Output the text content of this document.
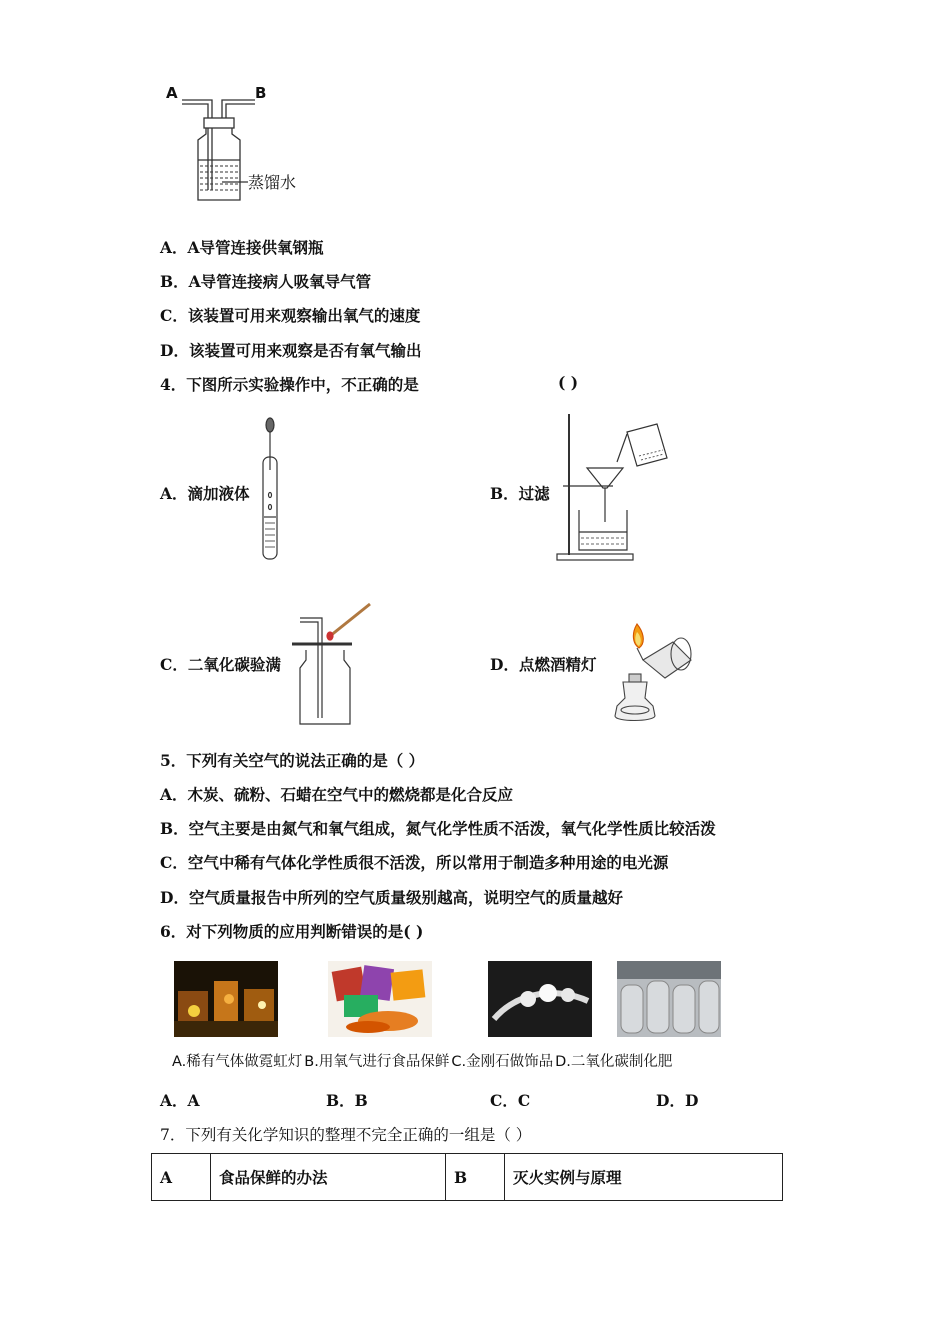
A	B
蒸馏水
A．A导管连接供氧钢瓶
B．A导管连接病人吸氧导气管
C．该装置可用来观察输出氧气的速度
D．该装置可用来观察是否有氧气输出
4．下图所示实验操作中，不正确的是	( )
A．滴加液体	B．过滤
C．二氧化碳验满	D．点燃酒精灯
5．下列有关空气的说法正确的是（ ）
A．木炭、硫粉、石蜡在空气中的燃烧都是化合反应
B．空气主要是由氮气和氧气组成，氮气化学性质不活泼，氧气化学性质比较活泼
C．空气中稀有气体化学性质很不活泼，所以常用于制造多种用途的电光源
D．空气质量报告中所列的空气质量级别越高，说明空气的质量越好
6．对下列物质的应用判断错误的是( )
A.稀有气体做霓虹灯 B.用氧气进行食品保鲜 C.金刚石做饰品 D.二氧化碳制化肥
A．A	B．B	C．C	D．D
7．下列有关化学知识的整理不完全正确的一组是（ ）
A	食品保鲜的办法	B	灭火实例与原理
